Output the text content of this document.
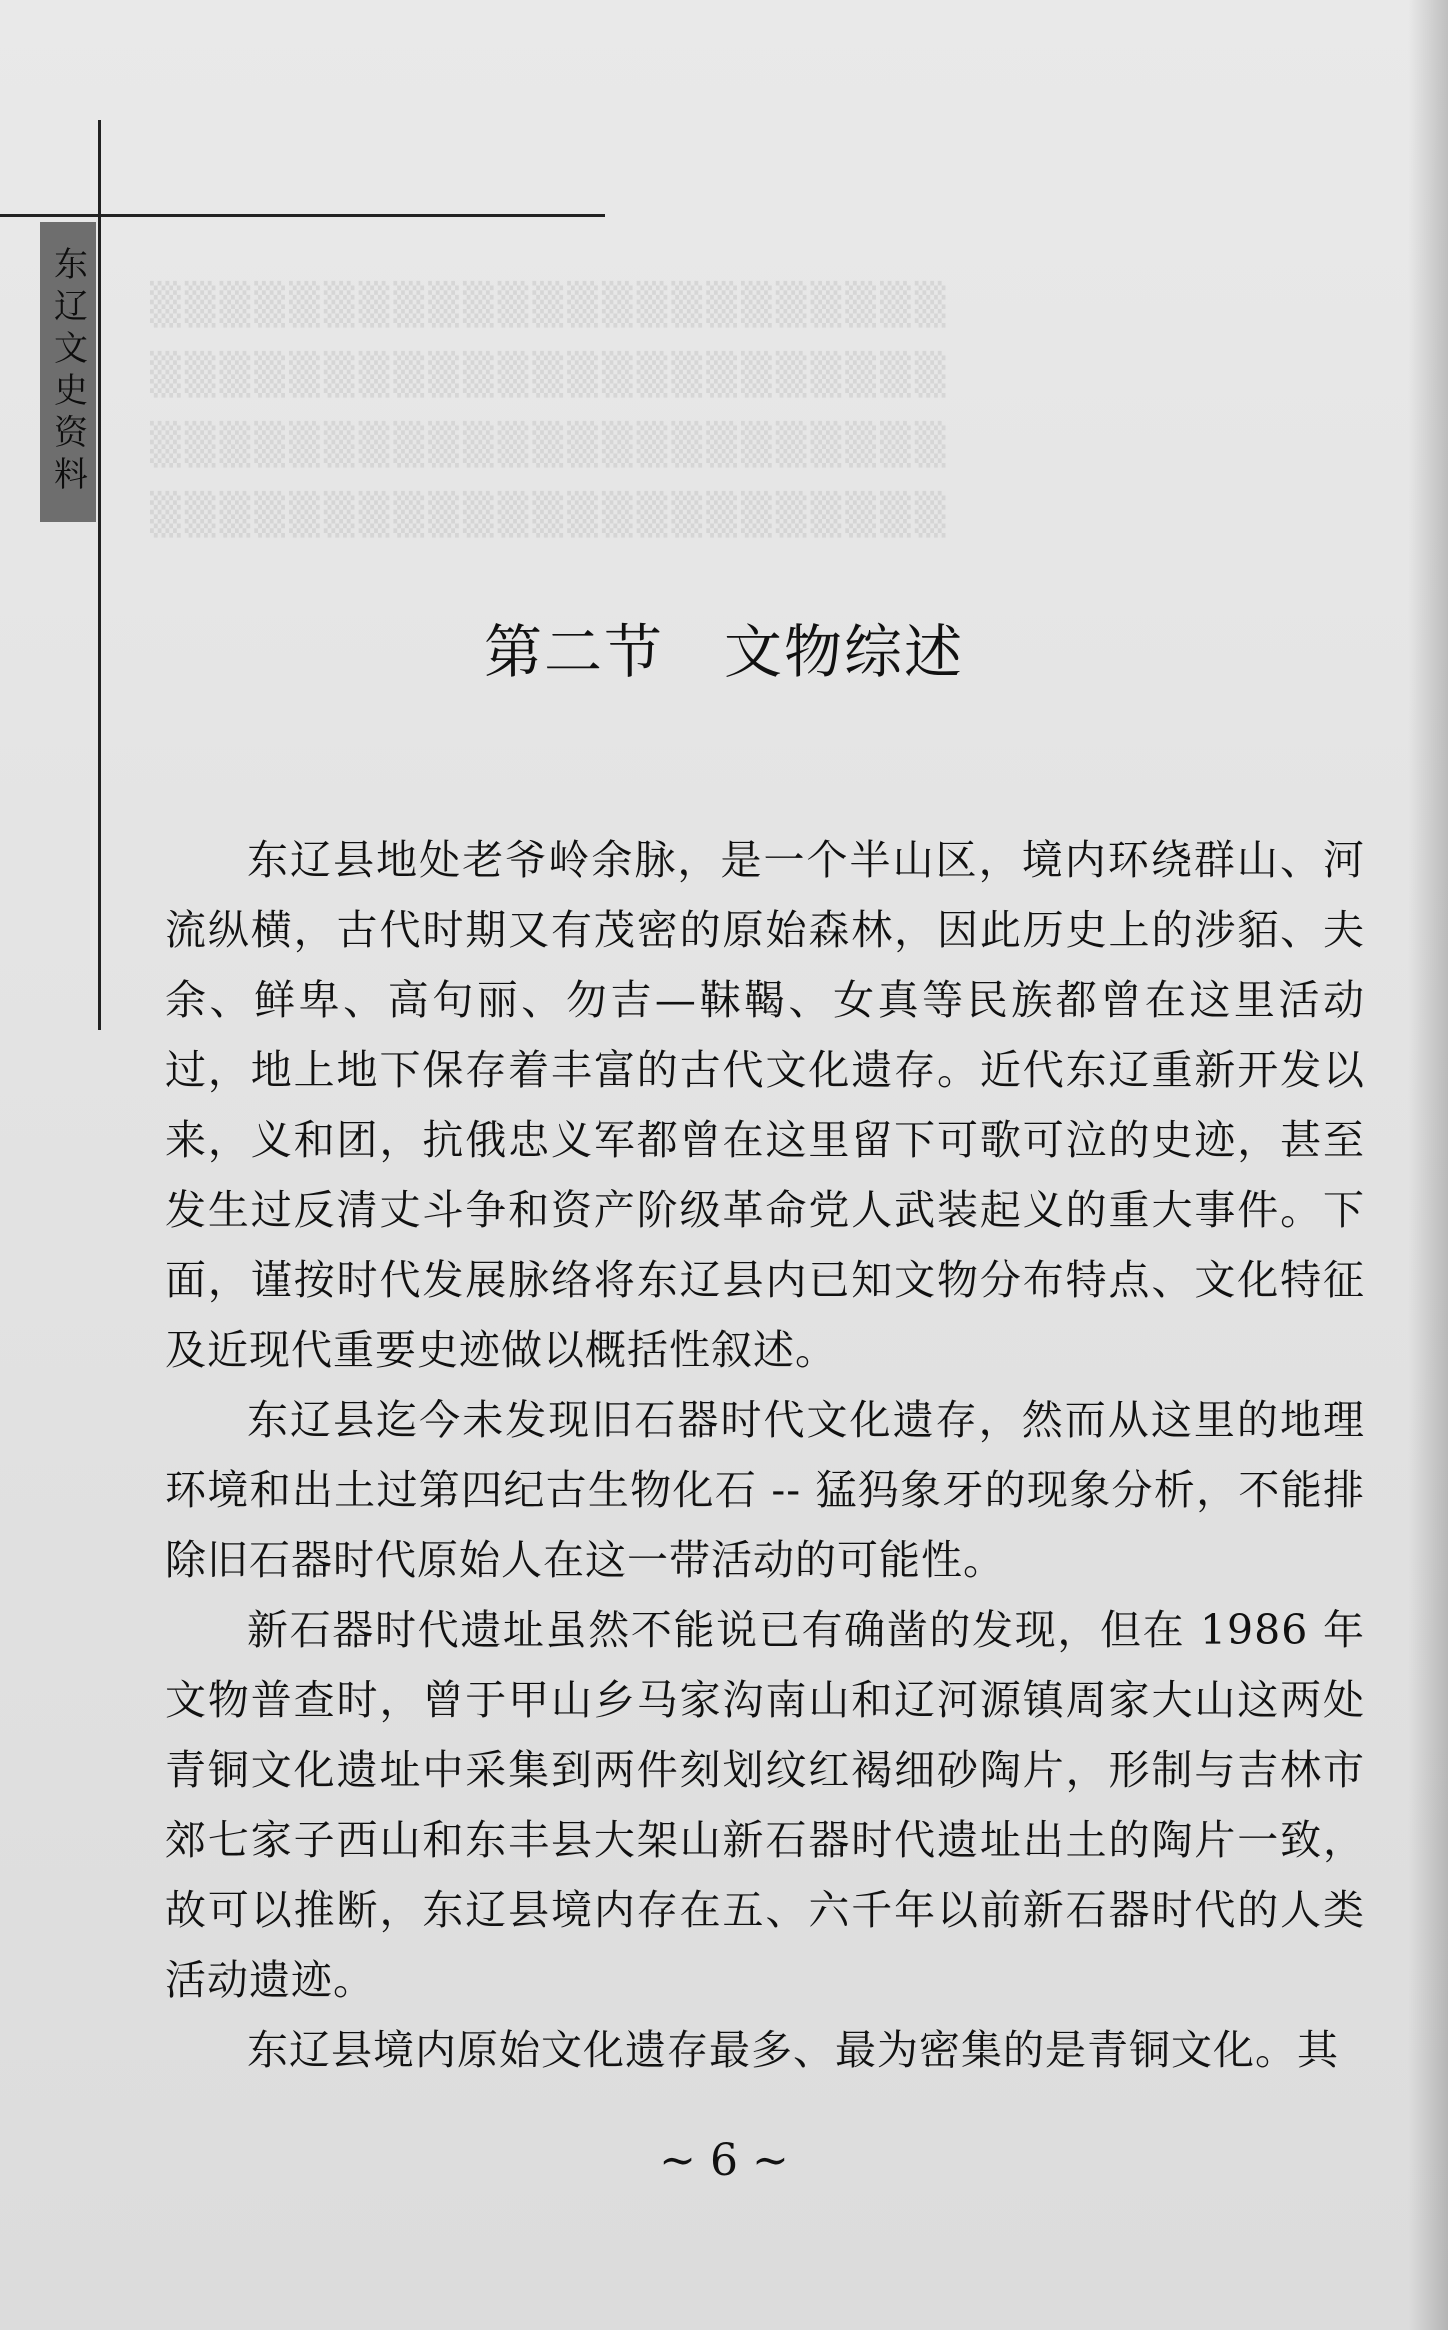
▒▒▒▒▒▒▒▒▒▒▒▒▒▒▒▒▒▒▒▒▒▒▒
▒▒▒▒▒▒▒▒▒▒▒▒▒▒▒▒▒▒▒▒▒▒▒
▒▒▒▒▒▒▒▒▒▒▒▒▒▒▒▒▒▒▒▒▒▒▒
▒▒▒▒▒▒▒▒▒▒▒▒▒▒▒▒▒▒▒▒▒▒▒
东辽文史资料
第二节 文物综述

东辽县地处老爷岭余脉，是一个半山区，境内环绕群山、河流纵横，古代时期又有茂密的原始森林，因此历史上的涉貊、夫余、鲜卑、高句丽、勿吉—靺鞨、女真等民族都曾在这里活动过，地上地下保存着丰富的古代文化遗存。近代东辽重新开发以来，义和团，抗俄忠义军都曾在这里留下可歌可泣的史迹，甚至发生过反清丈斗争和资产阶级革命党人武装起义的重大事件。下面，谨按时代发展脉络将东辽县内已知文物分布特点、文化特征及近现代重要史迹做以概括性叙述。

东辽县迄今未发现旧石器时代文化遗存，然而从这里的地理环境和出土过第四纪古生物化石 -- 猛犸象牙的现象分析，不能排除旧石器时代原始人在这一带活动的可能性。

新石器时代遗址虽然不能说已有确凿的发现，但在 1986 年文物普查时，曾于甲山乡马家沟南山和辽河源镇周家大山这两处青铜文化遗址中采集到两件刻划纹红褐细砂陶片，形制与吉林市郊七家子西山和东丰县大架山新石器时代遗址出土的陶片一致，故可以推断，东辽县境内存在五、六千年以前新石器时代的人类活动遗迹。

东辽县境内原始文化遗存最多、最为密集的是青铜文化。其

~ 6 ~
